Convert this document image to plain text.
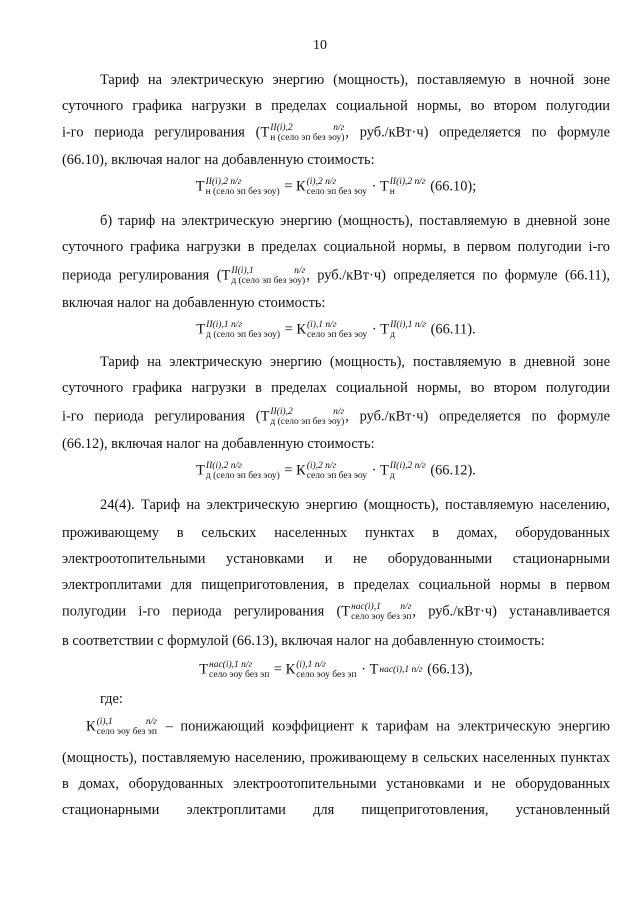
10
Тариф на электрическую энергию (мощность), поставляемую в ночной зоне
суточного графика нагрузки в пределах социальной нормы, во втором полугодии
i-го периода регулирования (Т II(i),2 п/г
н (село эп без эоу) , руб./кВт·ч) определяется по формуле
(66.10), включая налог на добавленную стоимость:
Т II(i),2 п/г
н (село эп без эоу) = К (i),2 п/г
село эп без эоу · Т II(i),2 п/г
н	(66.10);
б) тариф на электрическую энергию (мощность), поставляемую в дневной зоне
суточного графика нагрузки в пределах социальной нормы, в первом полугодии i-го
периода регулирования (Т II(i),1 п/г
д (село эп без эоу) , руб./кВт·ч) определяется по формуле (66.11),
включая налог на добавленную стоимость:
Т II(i),1 п/г
д (село эп без эоу) = К (i),1 п/г
село эп без эоу · Т II(i),1 п/г
д	(66.11).
Тариф на электрическую энергию (мощность), поставляемую в дневной зоне
суточного графика нагрузки в пределах социальной нормы, во втором полугодии
i-го периода регулирования (Т II(i),2 п/г
д (село эп без эоу) , руб./кВт·ч) определяется по формуле
(66.12), включая налог на добавленную стоимость:
Т II(i),2 п/г
д (село эп без эоу) = К (i),2 п/г
село эп без эоу · Т II(i),2 п/г
д	(66.12).
24(4). Тариф на электрическую энергию (мощность), поставляемую населению,
проживающему в сельских населенных пунктах в домах, оборудованных
электроотопительными установками и не оборудованными стационарными
электроплитами для пищеприготовления, в пределах социальной нормы в первом
полугодии i-го периода регулирования (Т нас(i),1 п/г
село эоу без эп , руб./кВт·ч) устанавливается
в соответствии с формулой (66.13), включая налог на добавленную стоимость:
Т нас(i),1 п/г
село эоу без эп = К (i),1 п/г
село эоу без эп · Т нас(i),1 п/г (66.13),
где:
К (i),1 п/г
село эоу без эп – понижающий коэффициент к тарифам на электрическую энергию
(мощность), поставляемую населению, проживающему в сельских населенных пунктах
в домах, оборудованных электроотопительными установками и не оборудованных
стационарными электроплитами для пищеприготовления, установленный
